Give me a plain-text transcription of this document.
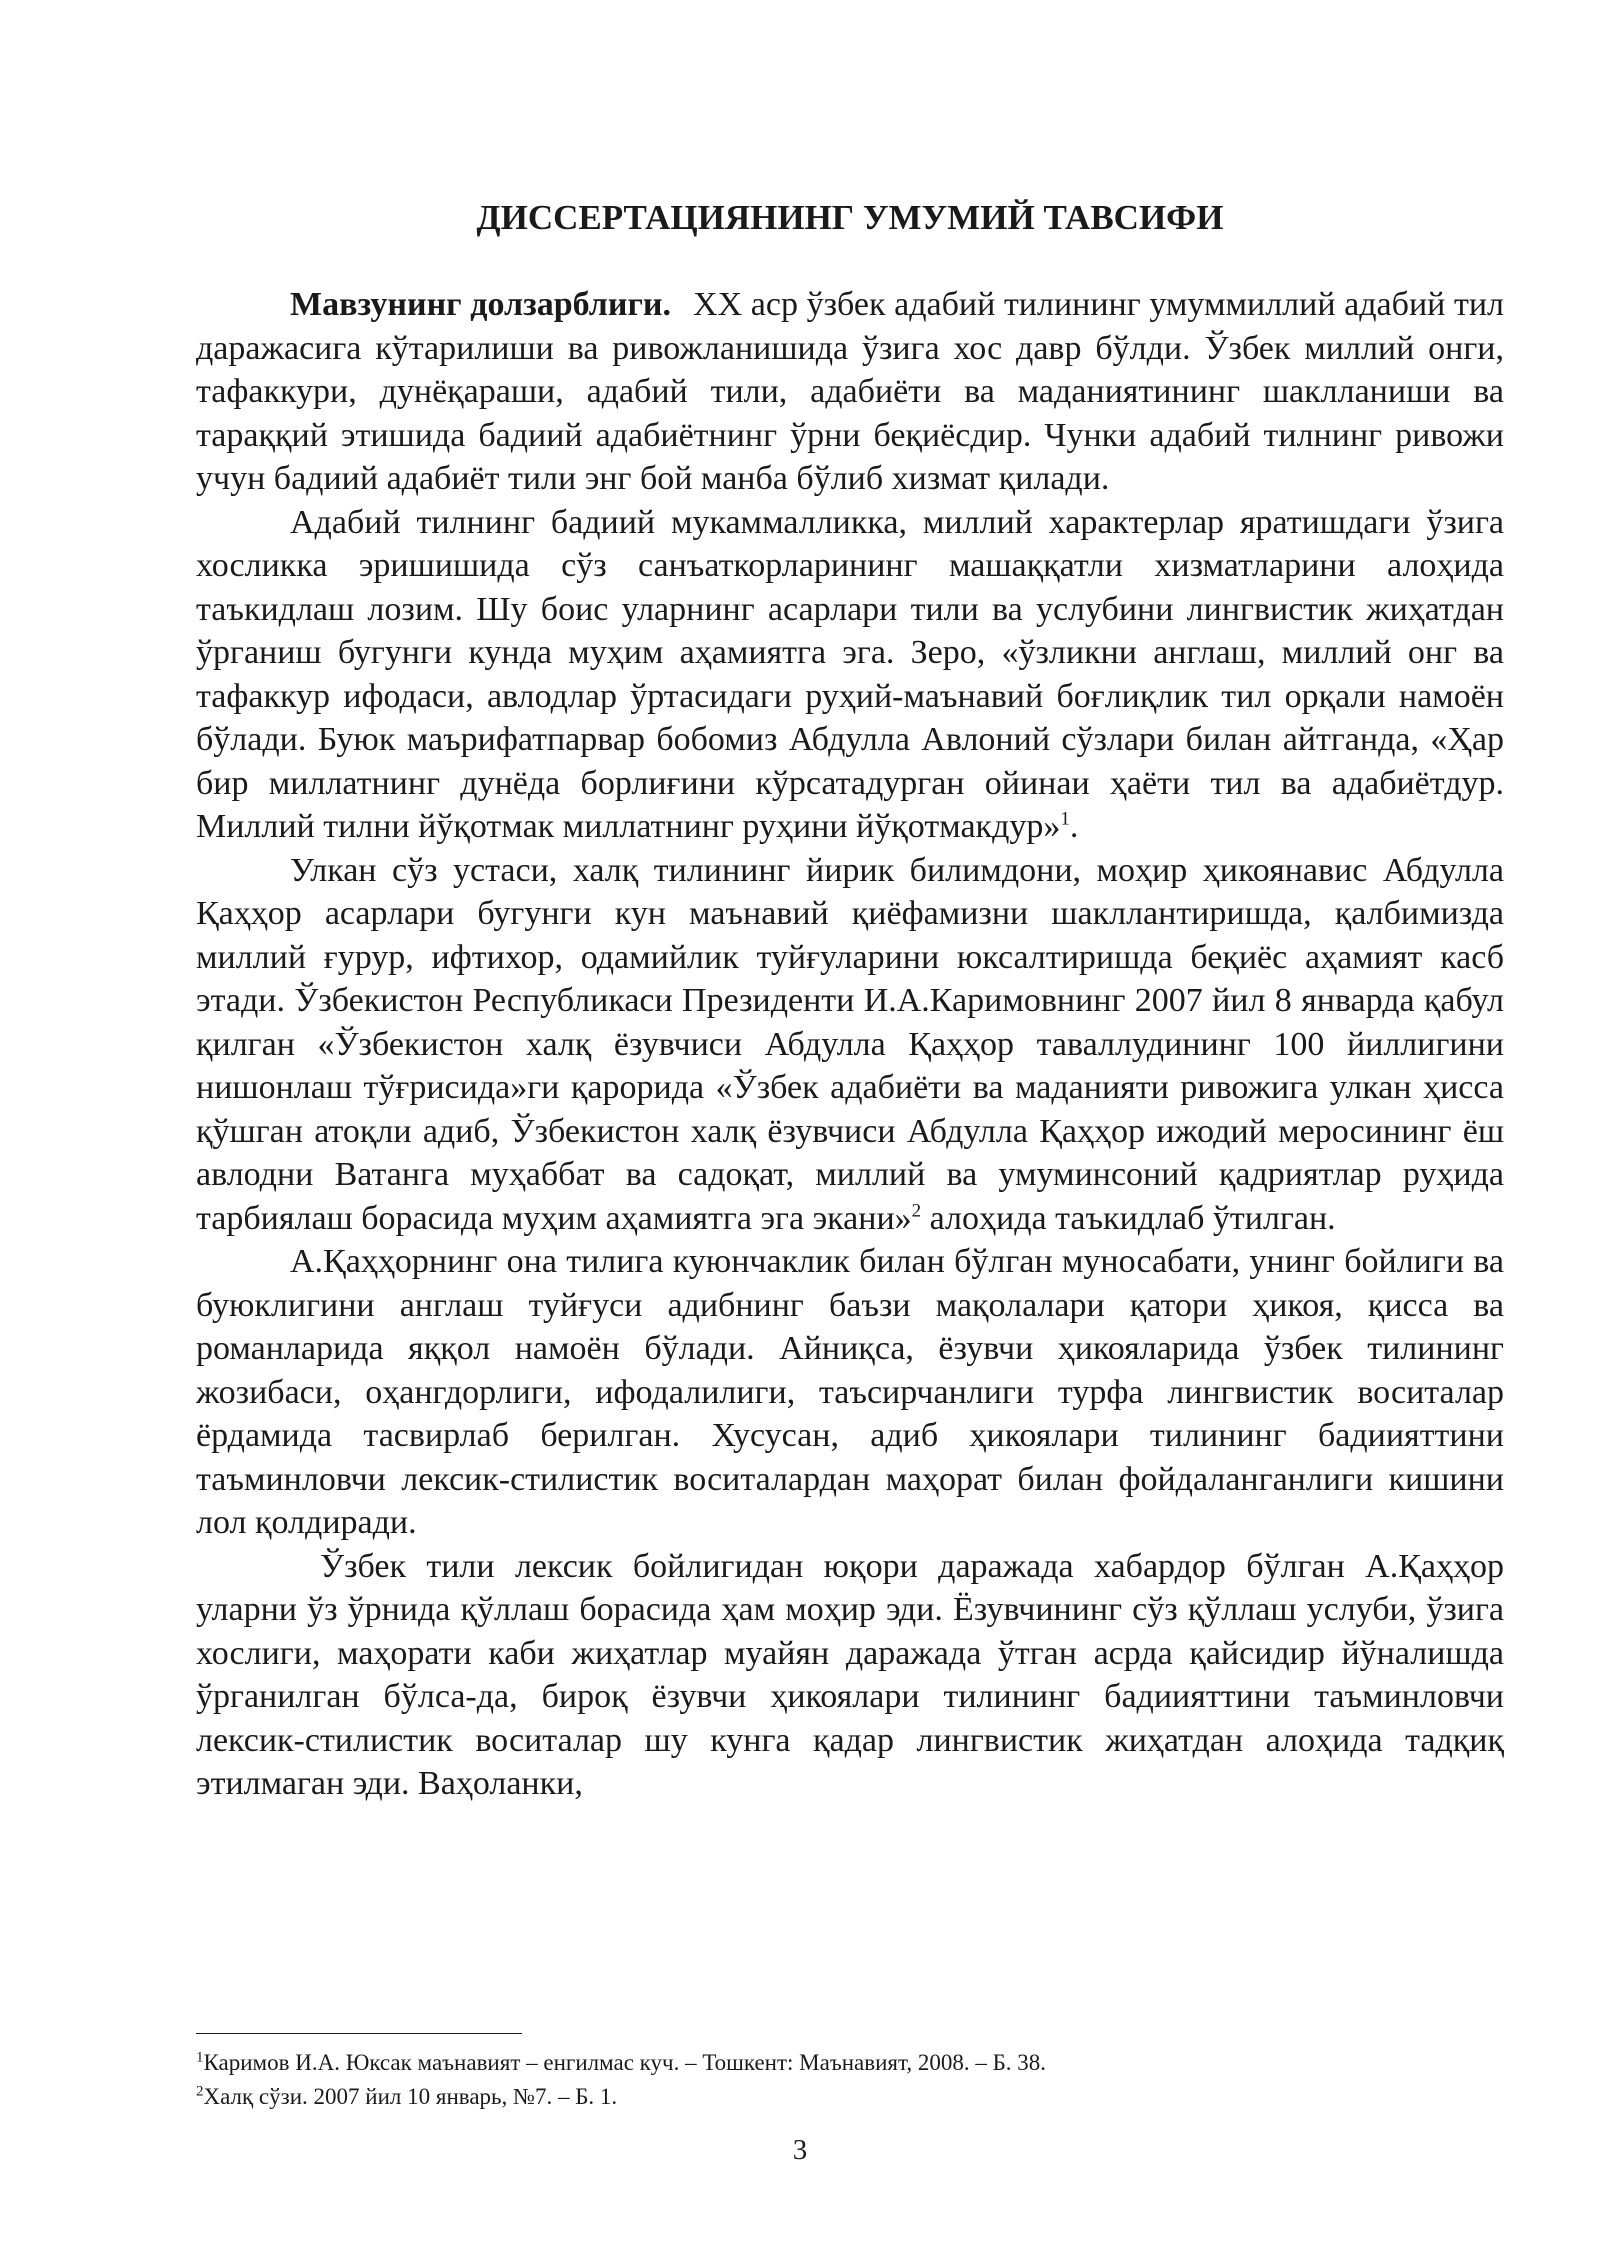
ДИССЕРТАЦИЯНИНГ УМУМИЙ ТАВСИФИ

Мавзунинг долзарблиги. XX аср ўзбек адабий тилининг умуммиллий адабий тил даражасига кўтарилиши ва ривожланишида ўзига хос давр бўлди. Ўзбек миллий онги, тафаккури, дунёқараши, адабий тили, адабиёти ва маданиятининг шаклланиши ва тараққий этишида бадиий адабиётнинг ўрни беқиёсдир. Чунки адабий тилнинг ривожи учун бадиий адабиёт тили энг бой манба бўлиб хизмат қилади.

Адабий тилнинг бадиий мукаммалликка, миллий характерлар яратишдаги ўзига хосликка эришишида сўз санъаткорларининг машаққатли хизматларини алоҳида таъкидлаш лозим. Шу боис уларнинг асарлари тили ва услубини лингвистик жиҳатдан ўрганиш бугунги кунда муҳим аҳамиятга эга. Зеро, «ўзликни англаш, миллий онг ва тафаккур ифодаси, авлодлар ўртасидаги руҳий-маънавий боғлиқлик тил орқали намоён бўлади. Буюк маърифатпарвар бобомиз Абдулла Авлоний сўзлари билан айтганда, «Ҳар бир миллатнинг дунёда борлиғини кўрсатадурган ойинаи ҳаёти тил ва адабиётдур. Миллий тилни йўқотмак миллатнинг руҳини йўқотмакдур»$^1$.

Улкан сўз устаси, халқ тилининг йирик билимдони, моҳир ҳикоянавис Абдулла Қаҳҳор асарлари бугунги кун маънавий қиёфамизни шакллантиришда, қалбимизда миллий ғурур, ифтихор, одамийлик туйғуларини юксалтиришда беқиёс аҳамият касб этади. Ўзбекистон Республикаси Президенти И.А.Каримовнинг 2007 йил 8 январда қабул қилган «Ўзбекистон халқ ёзувчиси Абдулла Қаҳҳор таваллудининг 100 йиллигини нишонлаш тўғрисида»ги қарорида «Ўзбек адабиёти ва маданияти ривожига улкан ҳисса қўшган атоқли адиб, Ўзбекистон халқ ёзувчиси Абдулла Қаҳҳор ижодий меросининг ёш авлодни Ватанга муҳаббат ва садоқат, миллий ва умуминсоний қадриятлар руҳида тарбиялаш борасида муҳим аҳамиятга эга экани»$^2$ алоҳида таъкидлаб ўтилган.

А.Қаҳҳорнинг она тилига куюнчаклик билан бўлган муносабати, унинг бойлиги ва буюклигини англаш туйғуси адибнинг баъзи мақолалари қатори ҳикоя, қисса ва романларида яққол намоён бўлади. Айниқса, ёзувчи ҳикояларида ўзбек тилининг жозибаси, оҳангдорлиги, ифодалилиги, таъсирчанлиги турфа лингвистик воситалар ёрдамида тасвирлаб берилган. Хусусан, адиб ҳикоялари тилининг бадиияттини таъминловчи лексик-стилистик воситалардан маҳорат билан фойдаланганлиги кишини лол қолдиради.

Ўзбек тили лексик бойлигидан юқори даражада хабардор бўлган А.Қаҳҳор уларни ўз ўрнида қўллаш борасида ҳам моҳир эди. Ёзувчининг сўз қўллаш услуби, ўзига хослиги, маҳорати каби жиҳатлар муайян даражада ўтган асрда қайсидир йўналишда ўрганилган бўлса-да, бироқ ёзувчи ҳикоялари тилининг бадиияттини таъминловчи лексик-стилистик воситалар шу кунга қадар лингвистик жиҳатдан алоҳида тадқиқ этилмаган эди. Ваҳоланки,

$^1$Каримов И.А. Юксак маънавият – енгилмас куч. – Тошкент: Маънавият, 2008. – Б. 38.

$^2$Халқ сўзи. 2007 йил 10 январь, №7. – Б. 1.

3
